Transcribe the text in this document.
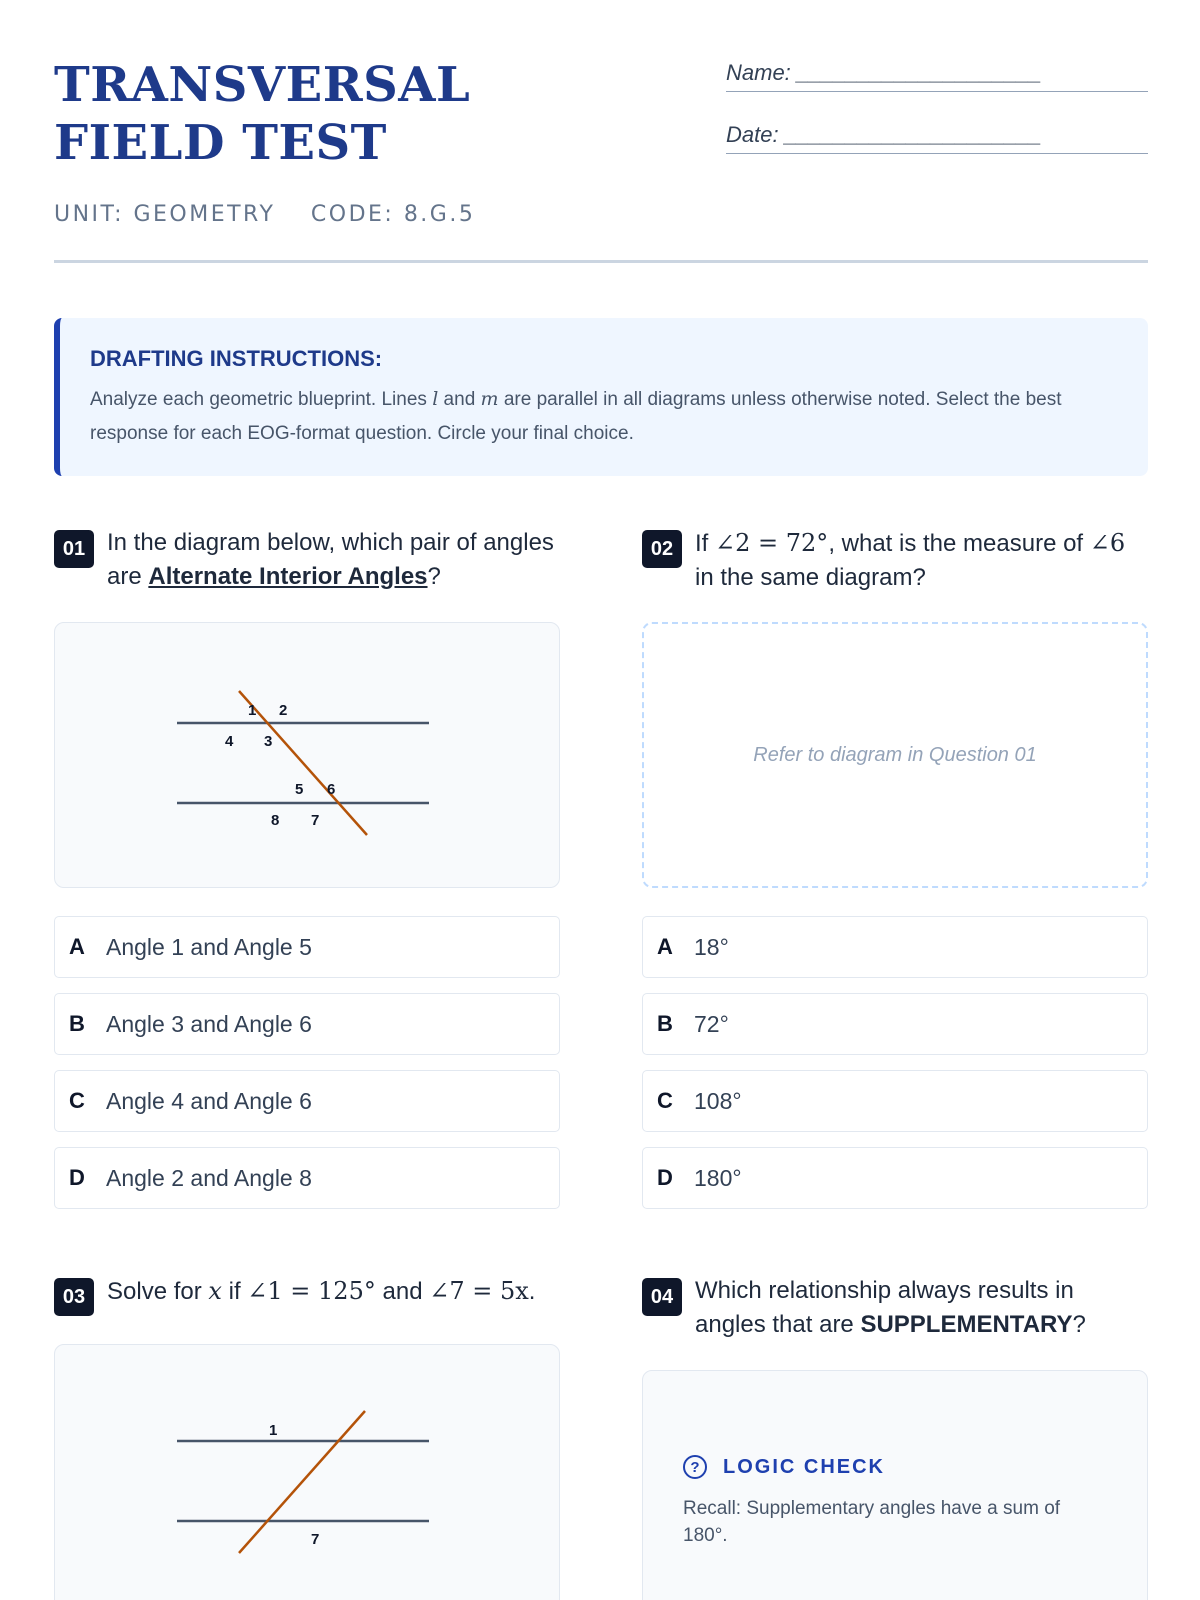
TRANSVERSAL FIELD TEST
Name: ____________________
Date: _____________________
UNIT: GEOMETRY CODE: 8.G.5
DRAFTING INSTRUCTIONS:

Analyze each geometric blueprint. Lines l and m are parallel in all diagrams unless otherwise noted. Select the best response for each EOG-format question. Circle your final choice.

01 In the diagram below, which pair of angles are Alternate Interior Angles?
1 2
3
4
5 6
7
8
A Angle 1 and Angle 5
B Angle 3 and Angle 6
C Angle 4 and Angle 6
D Angle 2 and Angle 8
02 If ∠2 = 72°, what is the measure of ∠6 in the same diagram?
Refer to diagram in Question 01
A 18°
B 72°
C 108°
D 180°
03 Solve for x if ∠1 = 125° and ∠7 = 5x.
1
7
04 Which relationship always results in angles that are SUPPLEMENTARY?
?	LOGIC CHECK

Recall: Supplementary angles have a sum of 180°.
